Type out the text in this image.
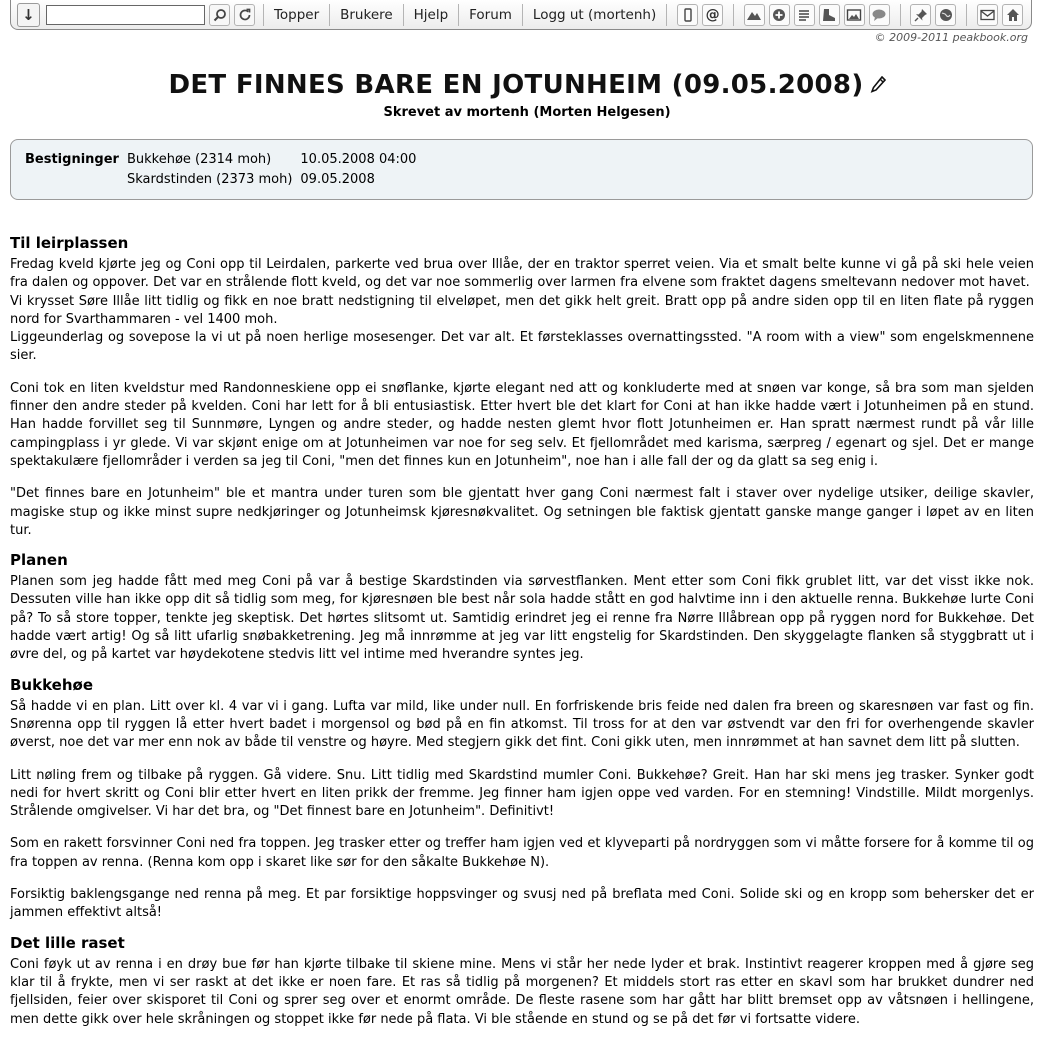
↓	Topper Brukere Hjelp Forum Logg ut (mortenh)	@
© 2009-2011 peakbook.org
DET FINNES BARE EN JOTUNHEIM (09.05.2008)
Skrevet av mortenh (Morten Helgesen)
Bestigninger	Bukkehøe (2314 moh)	10.05.2008 04:00
	Skardstinden (2373 moh)	09.05.2008
Til leirplassen

Fredag kveld kjørte jeg og Coni opp til Leirdalen, parkerte ved brua over Illåe, der en traktor sperret veien. Via et smalt belte kunne vi gå på ski hele veien fra dalen og oppover. Det var en strålende flott kveld, og det var noe sommerlig over larmen fra elvene som fraktet dagens smeltevann nedover mot havet.

Vi krysset Søre Illåe litt tidlig og fikk en noe bratt nedstigning til elveløpet, men det gikk helt greit. Bratt opp på andre siden opp til en liten flate på ryggen nord for Svarthammaren - vel 1400 moh.

Liggeunderlag og sovepose la vi ut på noen herlige mosesenger. Det var alt. Et førsteklasses overnattingssted. "A room with a view" som engelskmennene sier.

Coni tok en liten kveldstur med Randonneskiene opp ei snøflanke, kjørte elegant ned att og konkluderte med at snøen var konge, så bra som man sjelden finner den andre steder på kvelden. Coni har lett for å bli entusiastisk. Etter hvert ble det klart for Coni at han ikke hadde vært i Jotunheimen på en stund. Han hadde forvillet seg til Sunnmøre, Lyngen og andre steder, og hadde nesten glemt hvor flott Jotunheimen er. Han spratt nærmest rundt på vår lille campingplass i yr glede. Vi var skjønt enige om at Jotunheimen var noe for seg selv. Et fjellområdet med karisma, særpreg / egenart og sjel. Det er mange spektakulære fjellområder i verden sa jeg til Coni, "men det finnes kun en Jotunheim", noe han i alle fall der og da glatt sa seg enig i.

"Det finnes bare en Jotunheim" ble et mantra under turen som ble gjentatt hver gang Coni nærmest falt i staver over nydelige utsiker, deilige skavler, magiske stup og ikke minst supre nedkjøringer og Jotunheimsk kjøresnøkvalitet. Og setningen ble faktisk gjentatt ganske mange ganger i løpet av en liten tur.

Planen

Planen som jeg hadde fått med meg Coni på var å bestige Skardstinden via sørvestflanken. Ment etter som Coni fikk grublet litt, var det visst ikke nok. Dessuten ville han ikke opp dit så tidlig som meg, for kjøresnøen ble best når sola hadde stått en god halvtime inn i den aktuelle renna. Bukkehøe lurte Coni på? To så store topper, tenkte jeg skeptisk. Det hørtes slitsomt ut. Samtidig erindret jeg ei renne fra Nørre Illåbrean opp på ryggen nord for Bukkehøe. Det hadde vært artig! Og så litt ufarlig snøbakketrening. Jeg må innrømme at jeg var litt engstelig for Skardstinden. Den skyggelagte flanken så styggbratt ut i øvre del, og på kartet var høydekotene stedvis litt vel intime med hverandre syntes jeg.

Bukkehøe

Så hadde vi en plan. Litt over kl. 4 var vi i gang. Lufta var mild, like under null. En forfriskende bris feide ned dalen fra breen og skaresnøen var fast og fin. Snørenna opp til ryggen lå etter hvert badet i morgensol og bød på en fin atkomst. Til tross for at den var østvendt var den fri for overhengende skavler øverst, noe det var mer enn nok av både til venstre og høyre. Med stegjern gikk det fint. Coni gikk uten, men innrømmet at han savnet dem litt på slutten.

Litt nøling frem og tilbake på ryggen. Gå videre. Snu. Litt tidlig med Skardstind mumler Coni. Bukkehøe? Greit. Han har ski mens jeg trasker. Synker godt nedi for hvert skritt og Coni blir etter hvert en liten prikk der fremme. Jeg finner ham igjen oppe ved varden. For en stemning! Vindstille. Mildt morgenlys. Strålende omgivelser. Vi har det bra, og "Det finnest bare en Jotunheim". Definitivt!

Som en rakett forsvinner Coni ned fra toppen. Jeg trasker etter og treffer ham igjen ved et klyveparti på nordryggen som vi måtte forsere for å komme til og fra toppen av renna. (Renna kom opp i skaret like sør for den såkalte Bukkehøe N).

Forsiktig baklengsgange ned renna på meg. Et par forsiktige hoppsvinger og svusj ned på breflata med Coni. Solide ski og en kropp som behersker det er jammen effektivt altså!

Det lille raset

Coni føyk ut av renna i en drøy bue før han kjørte tilbake til skiene mine. Mens vi står her nede lyder et brak. Instintivt reagerer kroppen med å gjøre seg klar til å frykte, men vi ser raskt at det ikke er noen fare. Et ras så tidlig på morgenen? Et middels stort ras etter en skavl som har brukket dundrer ned fjellsiden, feier over skisporet til Coni og sprer seg over et enormt område. De fleste rasene som har gått har blitt bremset opp av våtsnøen i hellingene, men dette gikk over hele skråningen og stoppet ikke før nede på flata. Vi ble stående en stund og se på det før vi fortsatte videre.
